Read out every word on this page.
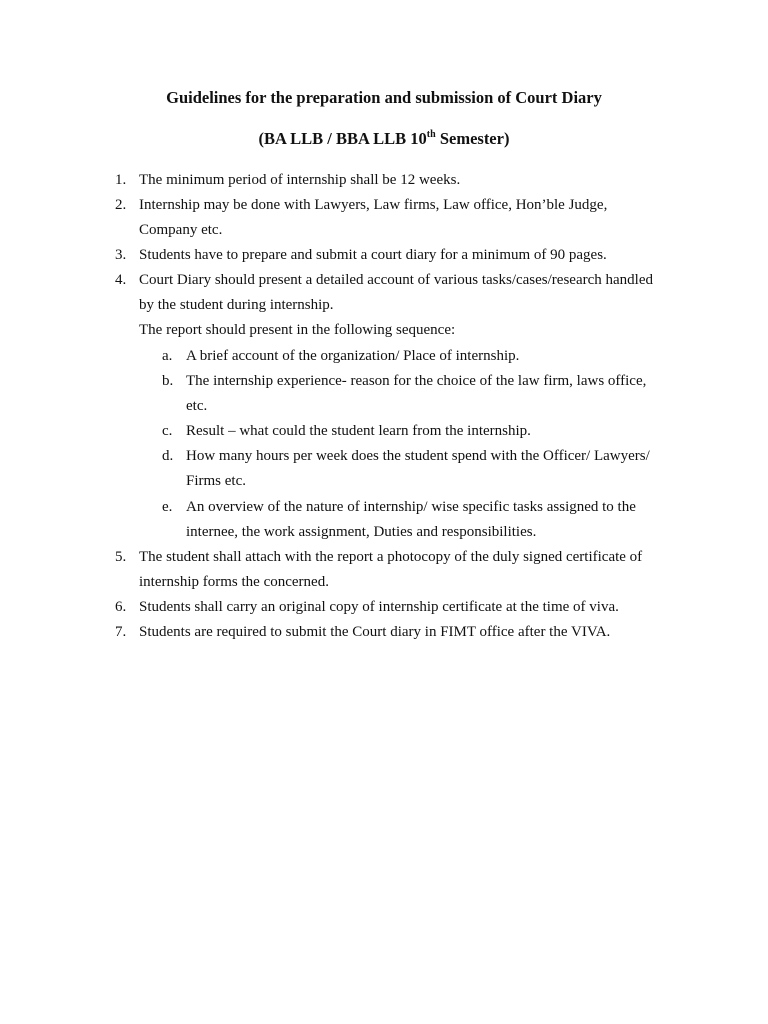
Guidelines for the preparation and submission of Court Diary
(BA LLB / BBA LLB 10th Semester)
1. The minimum period of internship shall be 12 weeks.
2. Internship may be done with Lawyers, Law firms, Law office, Hon’ble Judge,
Company etc.
3. Students have to prepare and submit a court diary for a minimum of 90 pages.
4. Court Diary should present a detailed account of various tasks/cases/research handled
by the student during internship.
The report should present in the following sequence:
a. A brief account of the organization/ Place of internship.
b. The internship experience- reason for the choice of the law firm, laws office,
etc.
c. Result – what could the student learn from the internship.
d. How many hours per week does the student spend with the Officer/ Lawyers/
Firms etc.
e. An overview of the nature of internship/ wise specific tasks assigned to the
internee, the work assignment, Duties and responsibilities.
5. The student shall attach with the report a photocopy of the duly signed certificate of
internship forms the concerned.
6. Students shall carry an original copy of internship certificate at the time of viva.
7. Students are required to submit the Court diary in FIMT office after the VIVA.
